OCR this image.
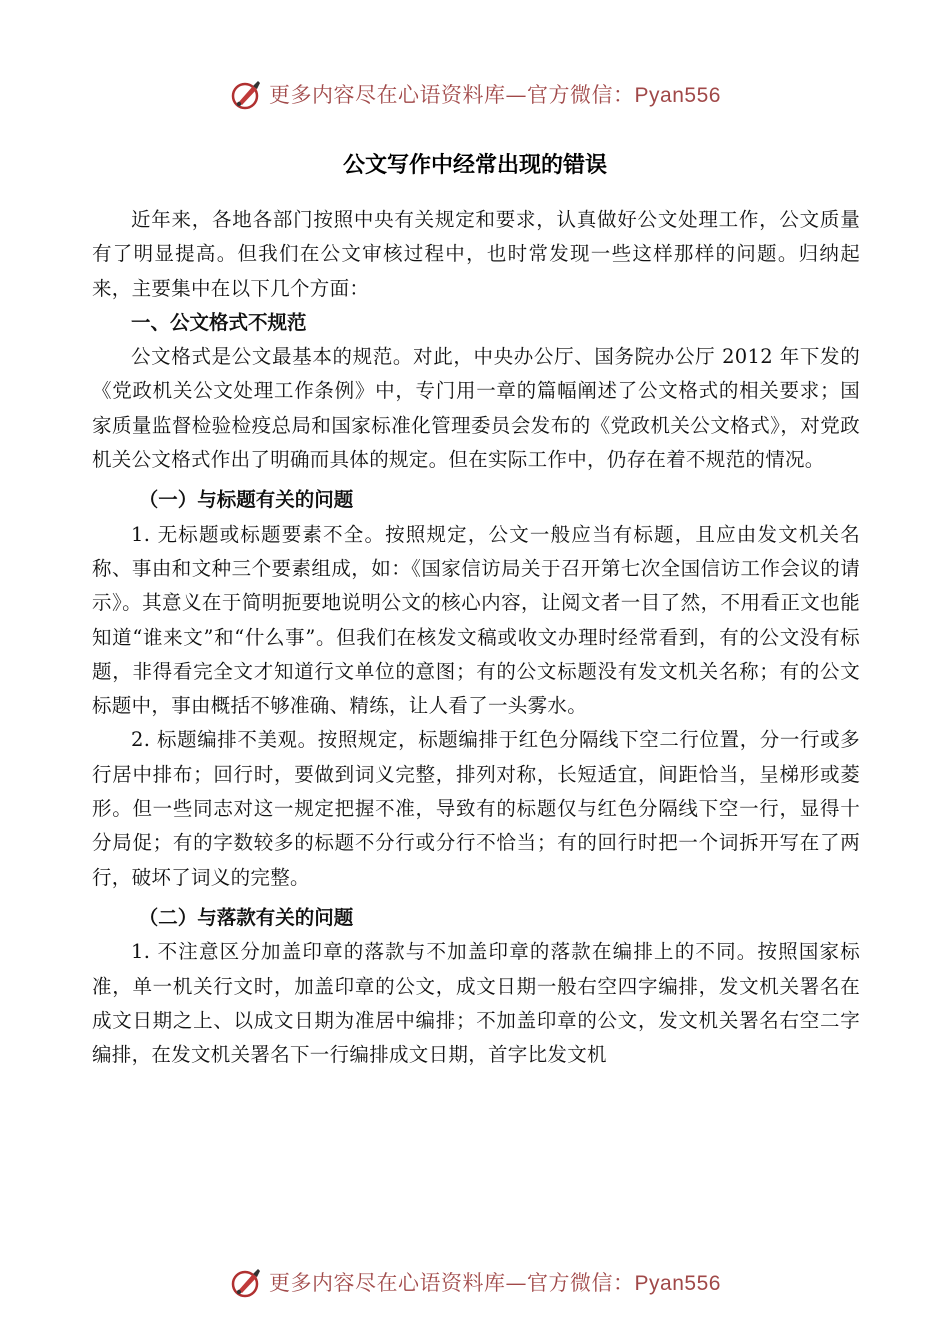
更多内容尽在心语资料库—官方微信：Pyan556
公文写作中经常出现的错误

近年来，各地各部门按照中央有关规定和要求，认真做好公文处理工作，公文质量有了明显提高。但我们在公文审核过程中，也时常发现一些这样那样的问题。归纳起来，主要集中在以下几个方面：

一、公文格式不规范

公文格式是公文最基本的规范。对此，中央办公厅、国务院办公厅 2012 年下发的《党政机关公文处理工作条例》中，专门用一章的篇幅阐述了公文格式的相关要求；国家质量监督检验检疫总局和国家标准化管理委员会发布的《党政机关公文格式》，对党政机关公文格式作出了明确而具体的规定。但在实际工作中，仍存在着不规范的情况。

（一）与标题有关的问题

1. 无标题或标题要素不全。按照规定，公文一般应当有标题，且应由发文机关名称、事由和文种三个要素组成，如：《国家信访局关于召开第七次全国信访工作会议的请示》。其意义在于简明扼要地说明公文的核心内容，让阅文者一目了然，不用看正文也能知道“谁来文”和“什么事”。但我们在核发文稿或收文办理时经常看到，有的公文没有标题，非得看完全文才知道行文单位的意图；有的公文标题没有发文机关名称；有的公文标题中，事由概括不够准确、精练，让人看了一头雾水。

2. 标题编排不美观。按照规定，标题编排于红色分隔线下空二行位置，分一行或多行居中排布；回行时，要做到词义完整，排列对称，长短适宜，间距恰当，呈梯形或菱形。但一些同志对这一规定把握不准，导致有的标题仅与红色分隔线下空一行，显得十分局促；有的字数较多的标题不分行或分行不恰当；有的回行时把一个词拆开写在了两行，破坏了词义的完整。

（二）与落款有关的问题

1. 不注意区分加盖印章的落款与不加盖印章的落款在编排上的不同。按照国家标准，单一机关行文时，加盖印章的公文，成文日期一般右空四字编排，发文机关署名在成文日期之上、以成文日期为准居中编排；不加盖印章的公文，发文机关署名右空二字编排，在发文机关署名下一行编排成文日期，首字比发文机

更多内容尽在心语资料库—官方微信：Pyan556
